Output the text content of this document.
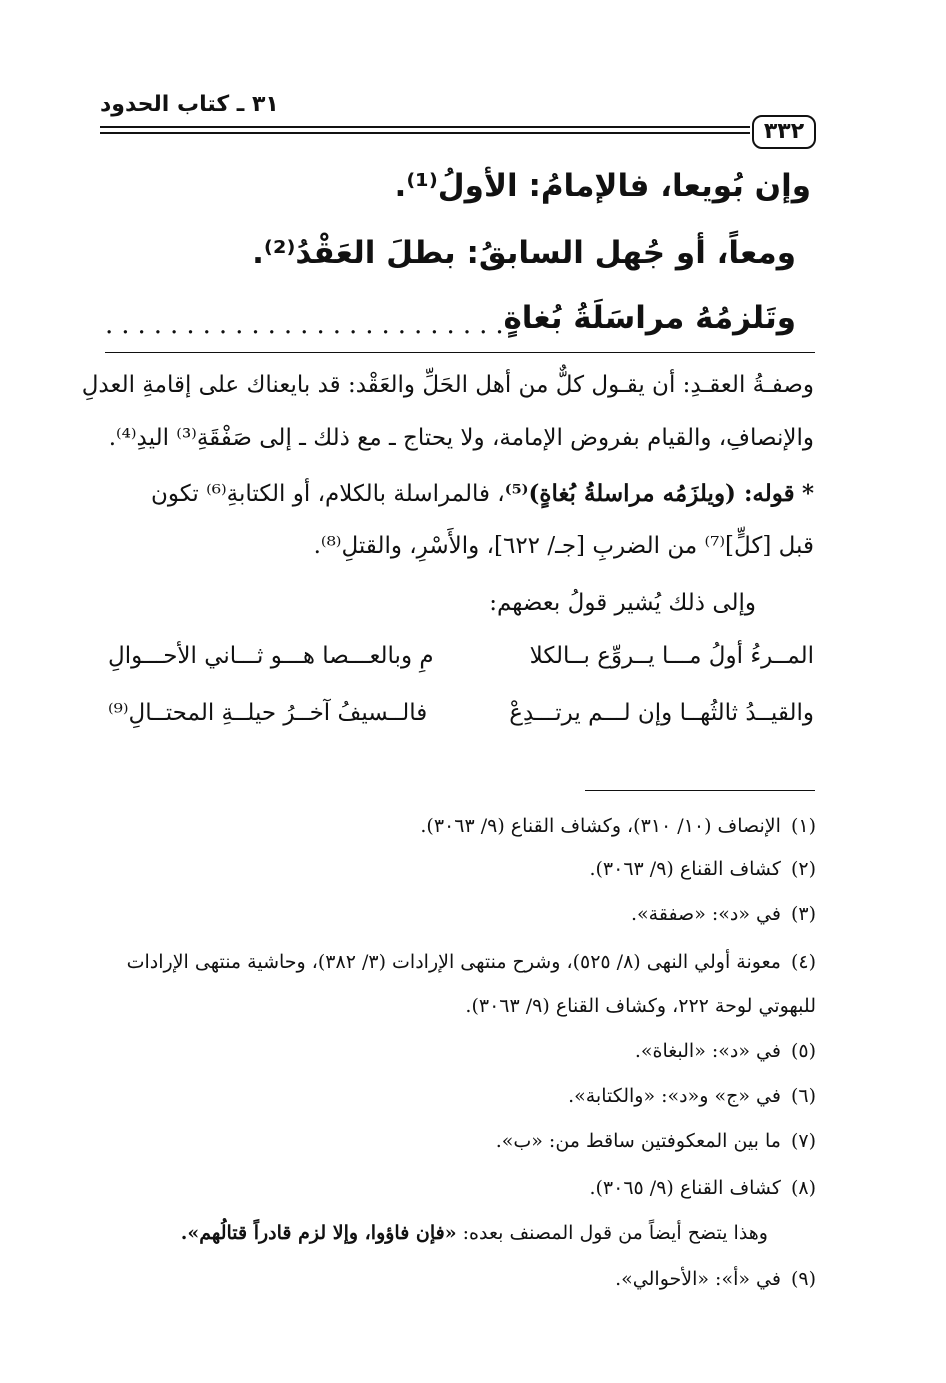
٣١ ـ كتاب الحدود
٣٣٢
وإن بُويعا، فالإمامُ: الأولُ⁽¹⁾.
ومعاً، أو جُهل السابقُ: بطلَ العَقْدُ⁽²⁾.
وتَلزمُهُ مراسَلَةُ بُغاةٍ
.........................
وصفـةُ العقـدِ: أن يقـول كلٌّ من أهل الحَلِّ والعَقْد: قد بايعناك على إقامةِ العدلِ
والإنصافِ، والقيام بفروض الإمامة، ولا يحتاج ـ مع ذلك ـ إلى صَفْقَةِ⁽³⁾ اليدِ⁽⁴⁾.
* قوله: (ويلزَمُه مراسلةُ بُغاةٍ)⁽⁵⁾، فالمراسلة بالكلام، أو الكتابةِ⁽⁶⁾ تكون
قبل [كلٍّ]⁽⁷⁾ من الضربِ [جـ/ ٦٢٢]، والأَسْرِ، والقتلِ⁽⁸⁾.
وإلى ذلك يُشير قولُ بعضهم:
المــرءُ أولُ مـــا يــروِّع بــالكلا
مِ وبالعـــصا هـــو ثـــاني الأحـــوالِ
والقيــدُ ثالثُهــا وإن لـــم يرتـــدِعْ
فالــسيفُ آخــرُ حيلــةِ المحتــالِ⁽⁹⁾
(١)الإنصاف (١٠/ ٣١٠)، وكشاف القناع (٩/ ٣٠٦٣).
(٢)كشاف القناع (٩/ ٣٠٦٣).
(٣)في «د»: «صفقة».
(٤)معونة أولي النهى (٨/ ٥٢٥)، وشرح منتهى الإرادات (٣/ ٣٨٢)، وحاشية منتهى الإرادات
للبهوتي لوحة ٢٢٢، وكشاف القناع (٩/ ٣٠٦٣).
(٥)في «د»: «البغاة».
(٦)في «ج» و«د»: «والكتابة».
(٧)ما بين المعكوفتين ساقط من: «ب».
(٨)كشاف القناع (٩/ ٣٠٦٥).
وهذا يتضح أيضاً من قول المصنف بعده: «فإن فاؤوا، وإلا لزم قادراً قتالُهم».
(٩)في «أ»: «الأحوالي».
